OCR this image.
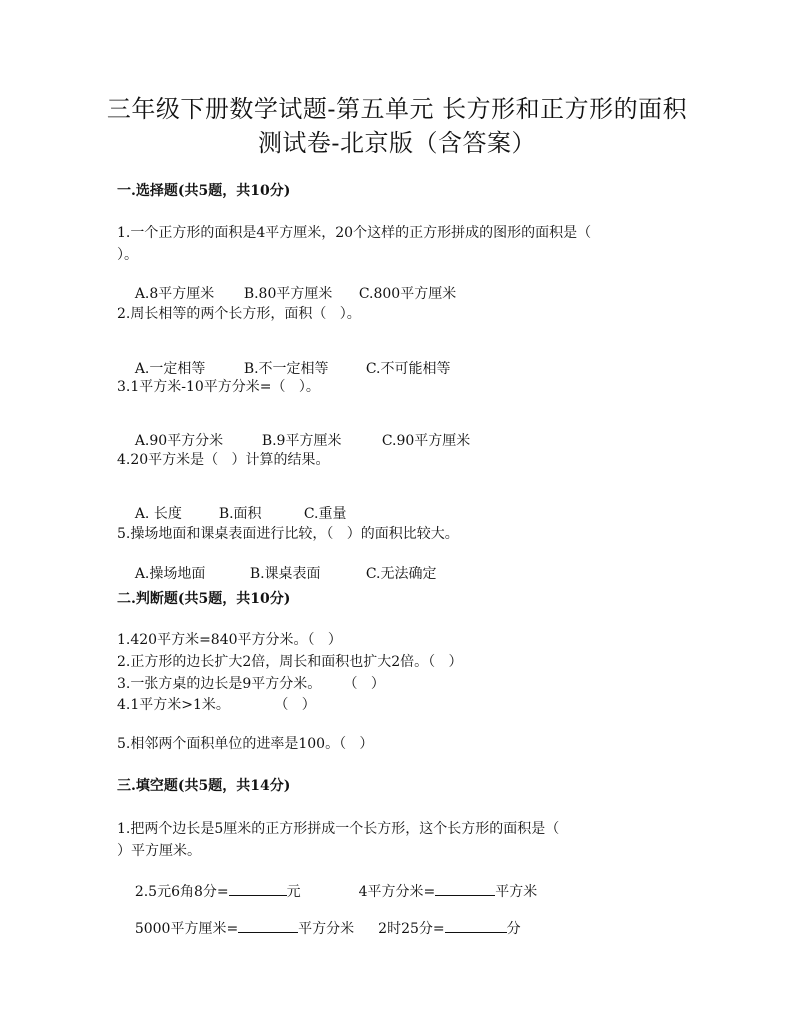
三年级下册数学试题-第五单元 长方形和正方形的面积
测试卷-北京版（含答案）
一.选择题(共5题，共10分)
1.一个正方形的面积是4平方厘米，20个这样的正方形拼成的图形的面积是（
）。

A.8平方厘米 B.80平方厘米 C.800平方厘米

2.周长相等的两个长方形，面积（   ）。

A.一定相等	B.不一定相等	C.不可能相等

3.1平方米-10平方分米=（   ）。

A.90平方分米	B.9平方厘米	C.90平方厘米

4.20平方米是（   ）计算的结果。

A. 长度	B.面积	C.重量

5.操场地面和课桌表面进行比较，（   ）的面积比较大。

A.操场地面	B.课桌表面	C.无法确定

二.判断题(共5题，共10分)
1.420平方米=840平方分米。（   ）
2.正方形的边长扩大2倍，周长和面积也扩大2倍。（   ）
3.一张方桌的边长是9平方分米。     （   ）
4.1平方米>1米。          （   ）
5.相邻两个面积单位的进率是100。（   ）
三.填空题(共5题，共14分)
1.把两个边长是5厘米的正方形拼成一个长方形，这个长方形的面积是（
）平方厘米。

2.5元6角8分=	元	4平方分米=	平方米

5000平方厘米=	平方分米 2时25分=	分
